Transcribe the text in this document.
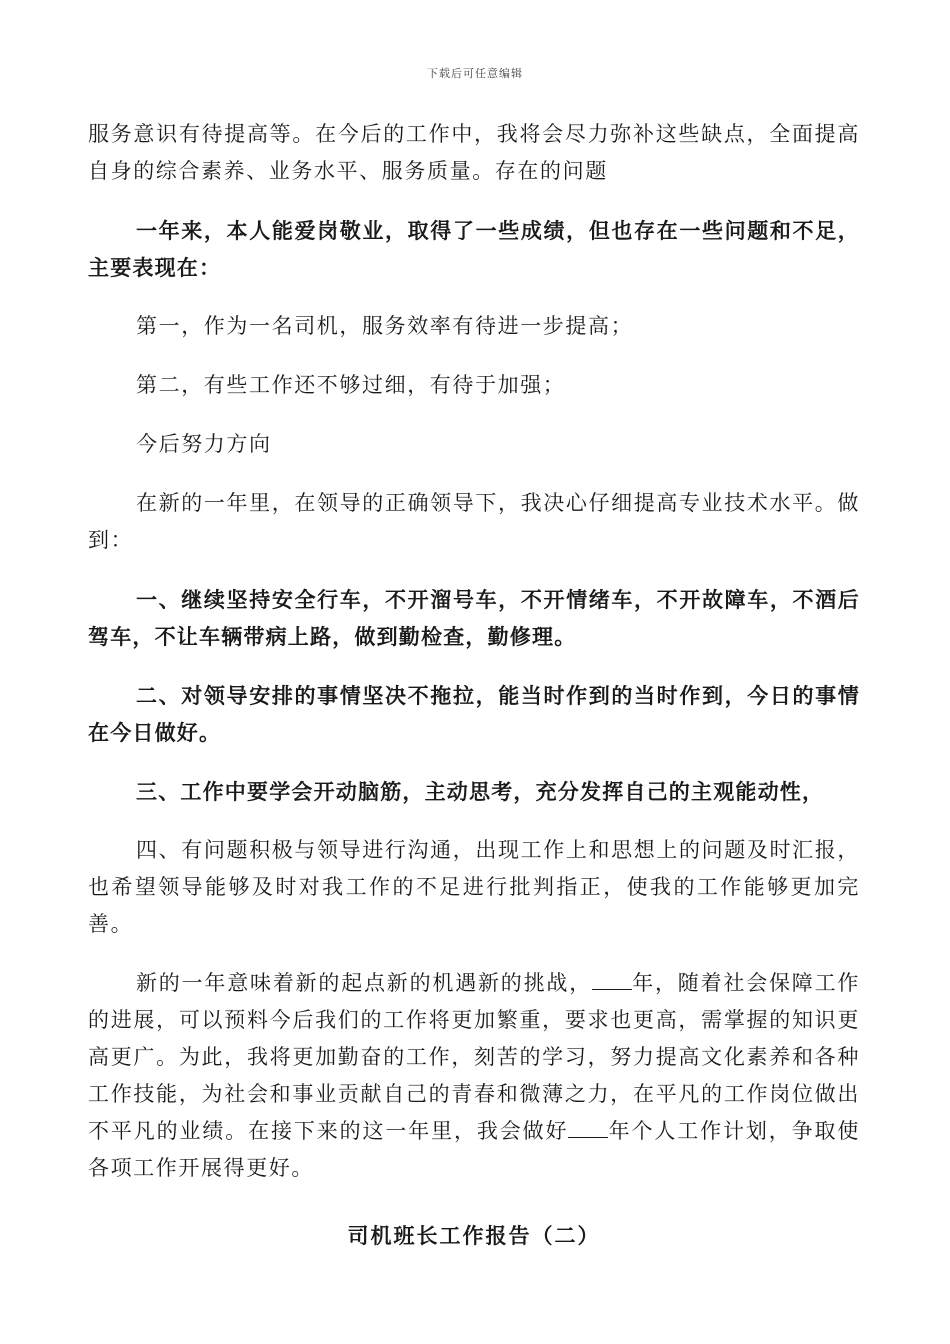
下载后可任意编辑

服务意识有待提高等。在今后的工作中，我将会尽力弥补这些缺点，全面提高自身的综合素养、业务水平、服务质量。存在的问题

一年来，本人能爱岗敬业，取得了一些成绩，但也存在一些问题和不足，主要表现在：

第一，作为一名司机，服务效率有待进一步提高；

第二，有些工作还不够过细，有待于加强；

今后努力方向

在新的一年里，在领导的正确领导下，我决心仔细提高专业技术水平。做到：

一、继续坚持安全行车，不开溜号车，不开情绪车，不开故障车，不酒后驾车，不让车辆带病上路，做到勤检查，勤修理。

二、对领导安排的事情坚决不拖拉，能当时作到的当时作到，今日的事情在今日做好。

三、工作中要学会开动脑筋，主动思考，充分发挥自己的主观能动性，

四、有问题积极与领导进行沟通，出现工作上和思想上的问题及时汇报，也希望领导能够及时对我工作的不足进行批判指正，使我的工作能够更加完善。

新的一年意味着新的起点新的机遇新的挑战， 年，随着社会保障工作的进展，可以预料今后我们的工作将更加繁重，要求也更高，需掌握的知识更高更广。为此，我将更加勤奋的工作，刻苦的学习，努力提高文化素养和各种工作技能，为社会和事业贡献自己的青春和微薄之力，在平凡的工作岗位做出不平凡的业绩。在接下来的这一年里，我会做好 年个人工作计划，争取使各项工作开展得更好。

司机班长工作报告（二）
